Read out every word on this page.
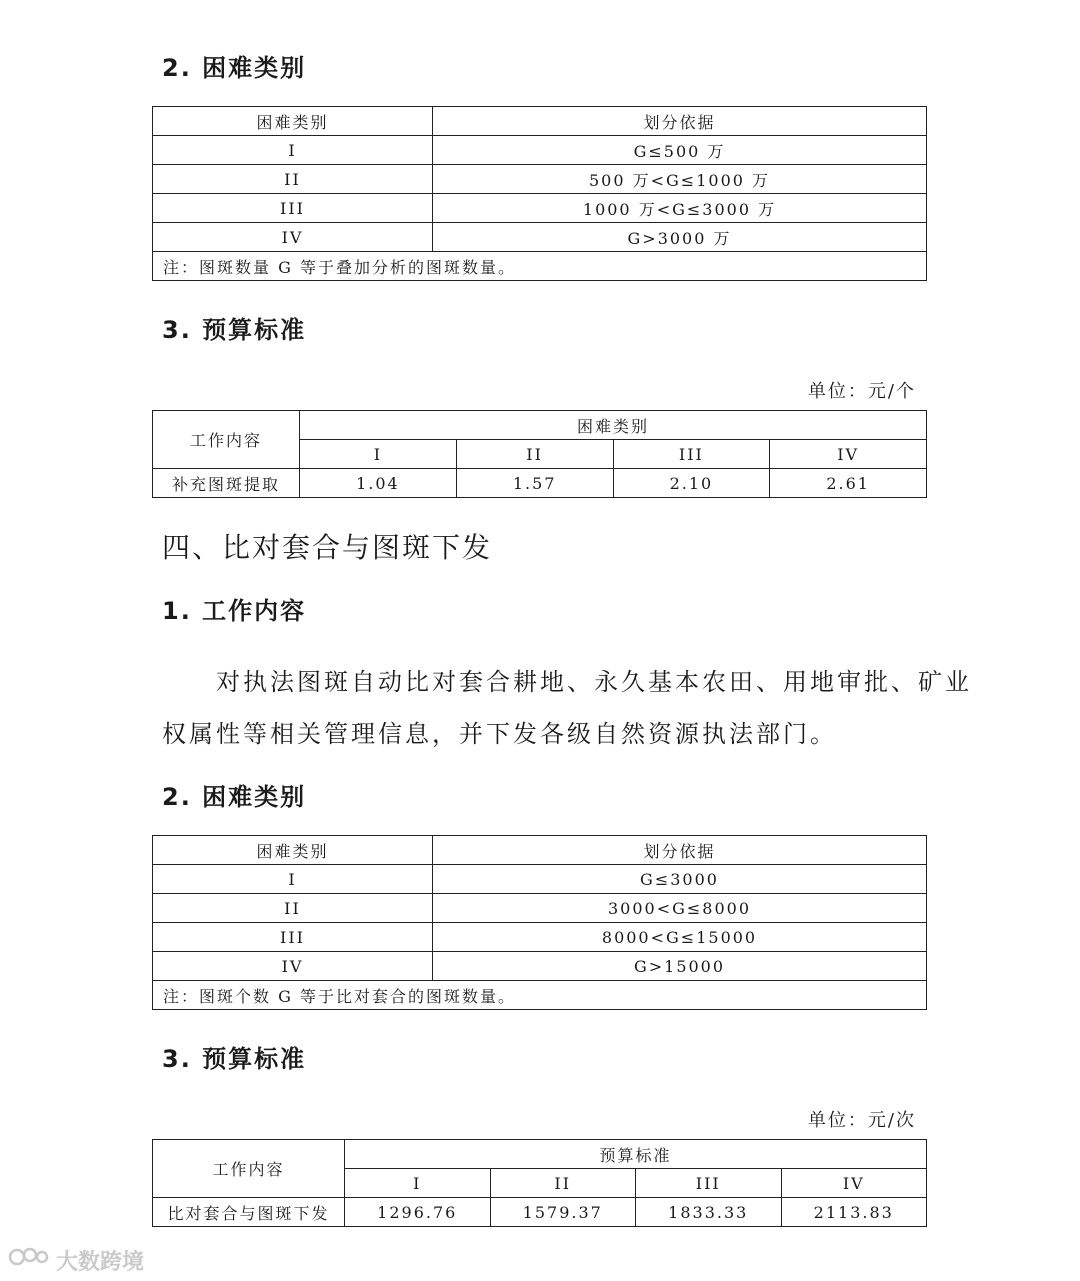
2. 困难类别
困难类别	划分依据
I	G≤500 万
II	500 万<G≤1000 万
III	1000 万<G≤3000 万
IV	G>3000 万
注：图斑数量 G 等于叠加分析的图斑数量。	
3. 预算标准
单位：元/个
工作内容	困难类别			
	I	II	III	IV
补充图斑提取	1.04	1.57	2.10	2.61
四、比对套合与图斑下发
1. 工作内容
对执法图斑自动比对套合耕地、永久基本农田、用地审批、矿业
权属性等相关管理信息，并下发各级自然资源执法部门。
2. 困难类别
困难类别	划分依据
I	G≤3000
II	3000<G≤8000
III	8000<G≤15000
IV	G>15000
注：图斑个数 G 等于比对套合的图斑数量。	
3. 预算标准
单位：元/次
工作内容	预算标准			
	I	II	III	IV
比对套合与图斑下发	1296.76	1579.37	1833.33	2113.83
大数跨境
